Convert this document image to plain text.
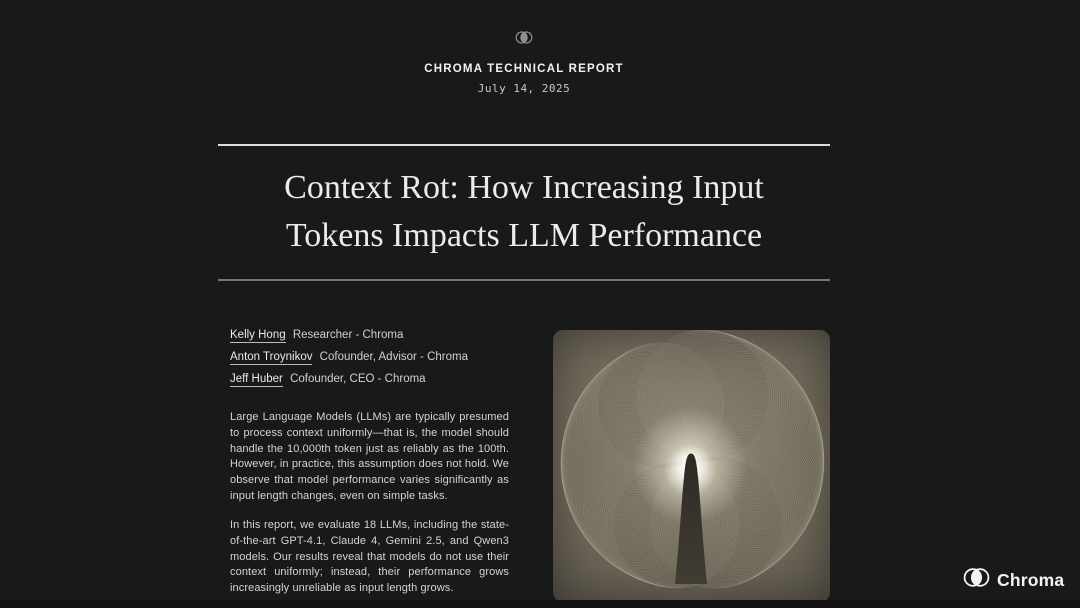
CHROMA TECHNICAL REPORT
July 14, 2025
Context Rot: How Increasing Input
Tokens Impacts LLM Performance
Kelly Hong Researcher - Chroma
Anton Troynikov Cofounder, Advisor - Chroma
Jeff Huber Cofounder, CEO - Chroma

Large Language Models (LLMs) are typically presumed to process context uniformly—that is, the model should handle the 10,000th token just as reliably as the 100th. However, in practice, this assumption does not hold. We observe that model performance varies significantly as input length changes, even on simple tasks.

In this report, we evaluate 18 LLMs, including the state-of-the-art GPT-4.1, Claude 4, Gemini 2.5, and Qwen3 models. Our results reveal that models do not use their context uniformly; instead, their performance grows increasingly unreliable as input length grows.	Chroma
